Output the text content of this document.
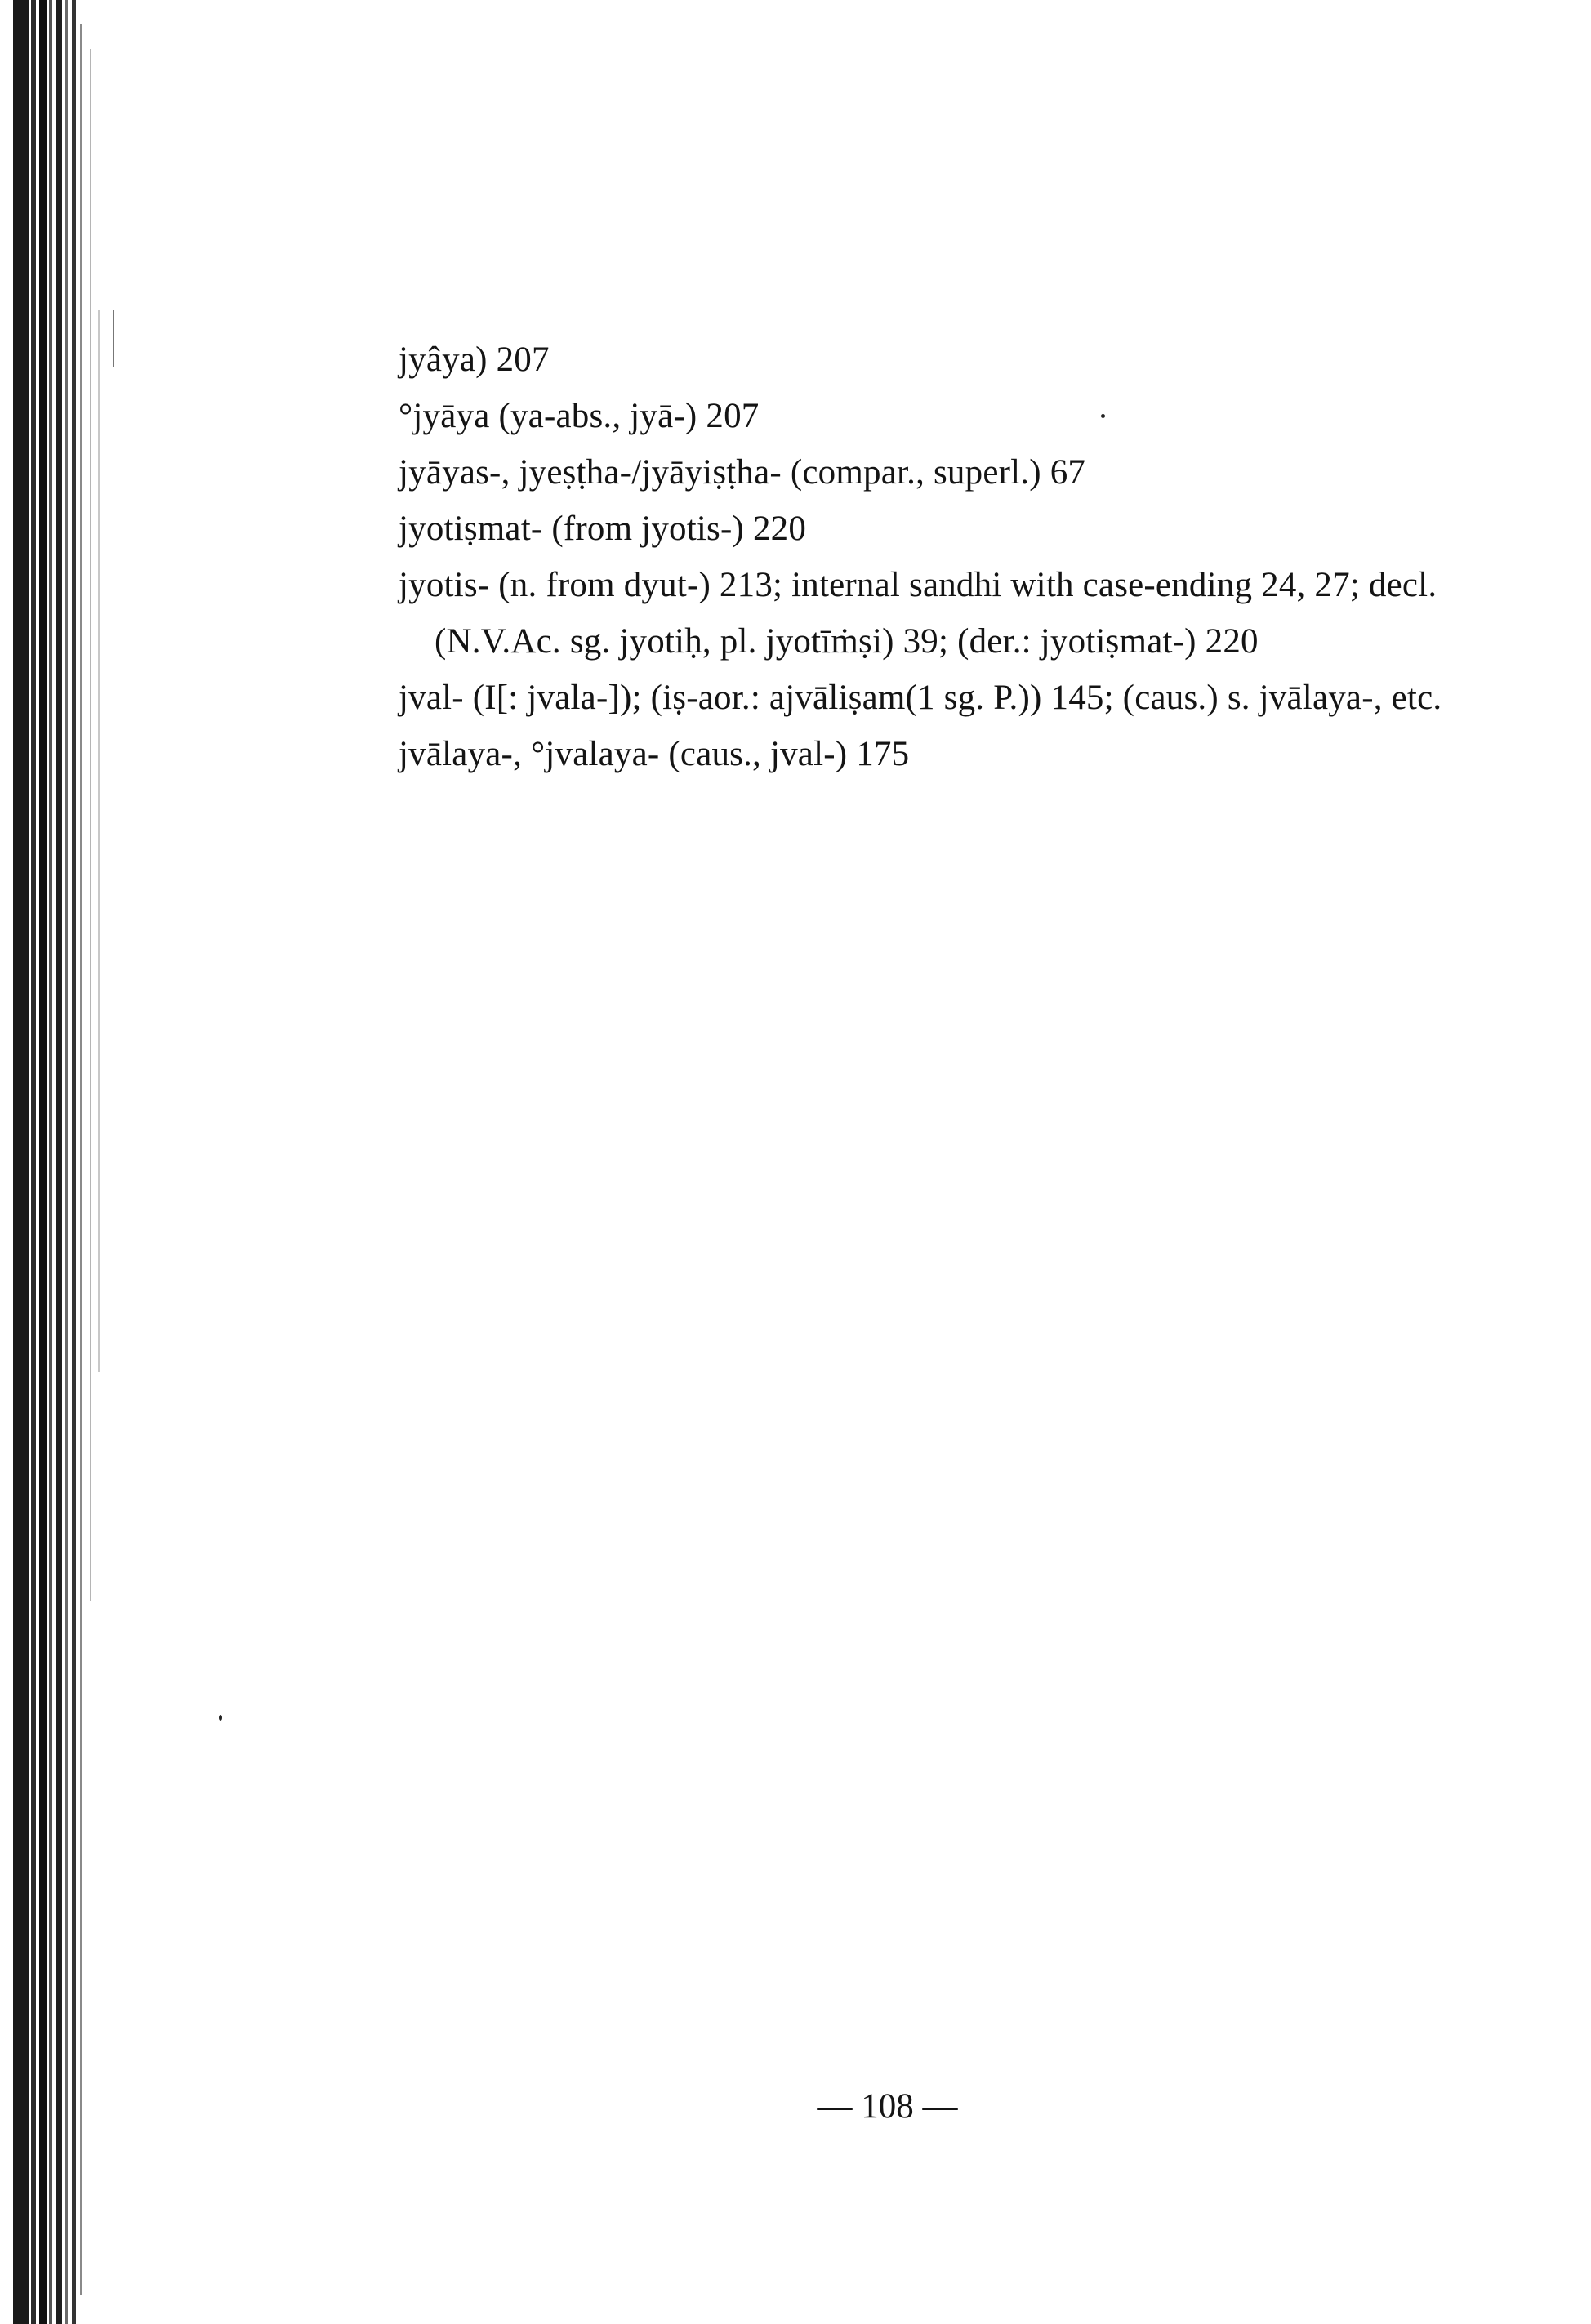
jyâya) 207
°jyāya (ya-abs., jyā-) 207
jyāyas-, jyeṣṭha-/jyāyiṣṭha- (compar., superl.) 67
jyotiṣmat- (from jyotis-) 220
jyotis- (n. from dyut-) 213; internal sandhi with case-ending 24, 27; decl. (N.V.Ac. sg. jyotiḥ, pl. jyotīṁṣi) 39; (der.: jyotiṣmat-) 220
jval- (I[: jvala-]); (iṣ-aor.: ajvāliṣam(1 sg. P.)) 145; (caus.) s. jvālaya-, etc.
jvālaya-, °jvalaya- (caus., jval-) 175
— 108 —
